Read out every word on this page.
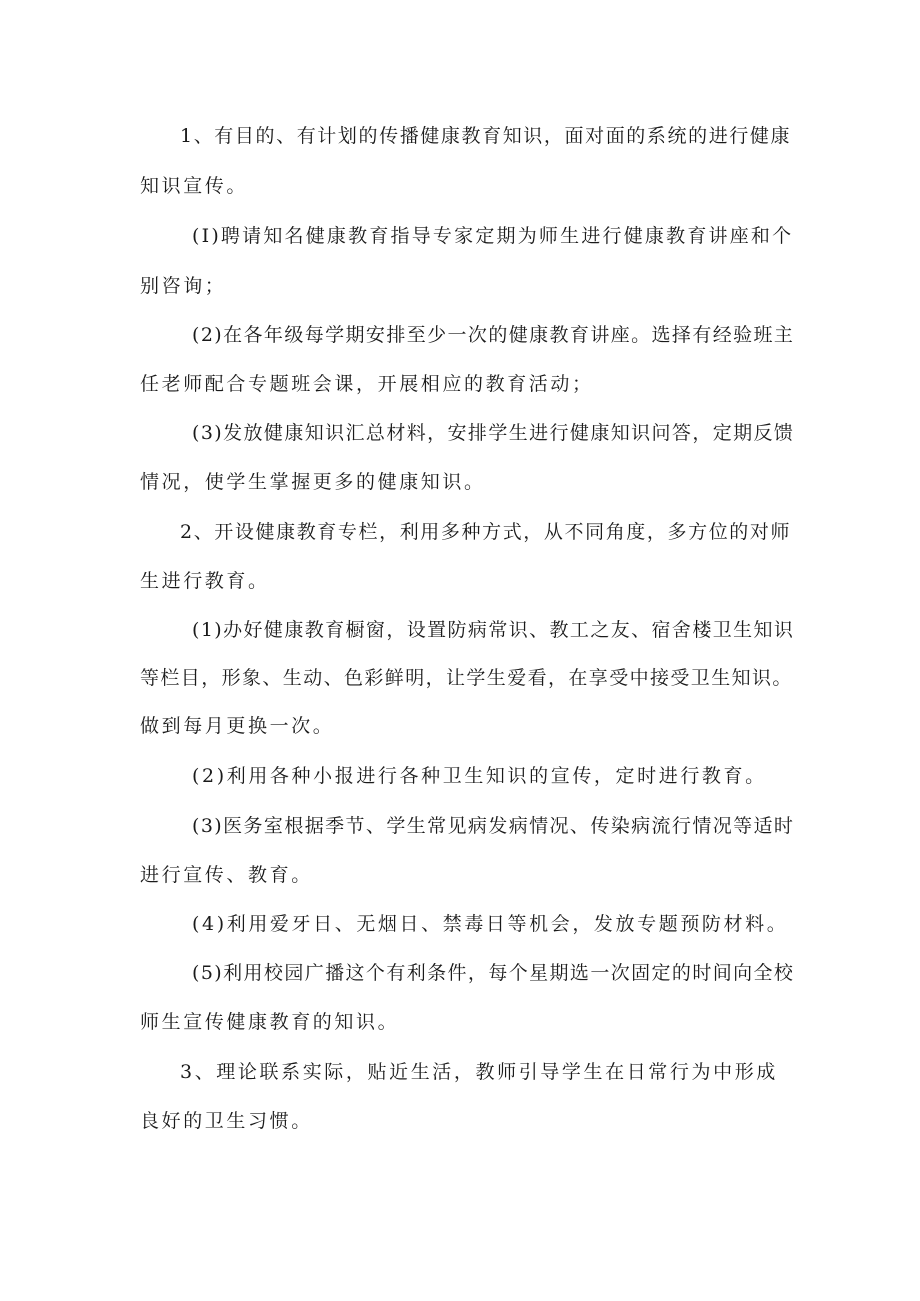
1、有目的、有计划的传播健康教育知识，面对面的系统的进行健康
知识宣传。
(I)聘请知名健康教育指导专家定期为师生进行健康教育讲座和个
别咨询；
(2)在各年级每学期安排至少一次的健康教育讲座。选择有经验班主
任老师配合专题班会课，开展相应的教育活动；
(3)发放健康知识汇总材料，安排学生进行健康知识问答，定期反馈
情况，使学生掌握更多的健康知识。
2、开设健康教育专栏，利用多种方式，从不同角度，多方位的对师
生进行教育。
(1)办好健康教育橱窗，设置防病常识、教工之友、宿舍楼卫生知识
等栏目，形象、生动、色彩鲜明，让学生爱看，在享受中接受卫生知识。
做到每月更换一次。
(2)利用各种小报进行各种卫生知识的宣传，定时进行教育。
(3)医务室根据季节、学生常见病发病情况、传染病流行情况等适时
进行宣传、教育。
(4)利用爱牙日、无烟日、禁毒日等机会，发放专题预防材料。
(5)利用校园广播这个有利条件，每个星期选一次固定的时间向全校
师生宣传健康教育的知识。
3、理论联系实际，贴近生活，教师引导学生在日常行为中形成
良好的卫生习惯。
